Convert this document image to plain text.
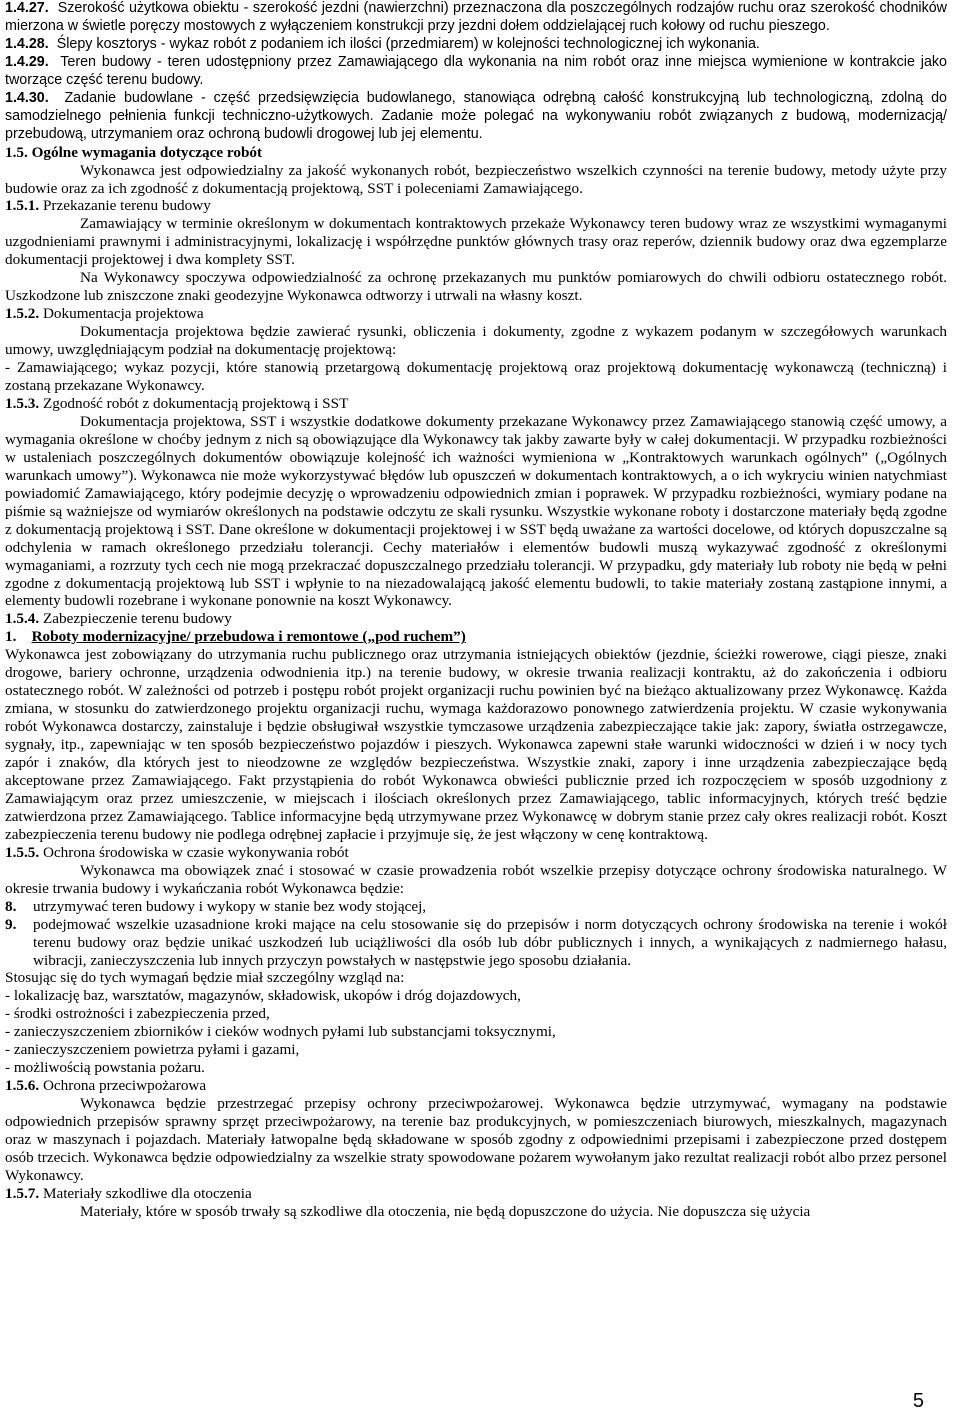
1.4.27. Szerokość użytkowa obiektu - szerokość jezdni (nawierzchni) przeznaczona dla poszczególnych rodzajów ruchu oraz szerokość chodników mierzona w świetle poręczy mostowych z wyłączeniem konstrukcji przy jezdni dołem oddzielającej ruch kołowy od ruchu pieszego.

1.4.28. Ślepy kosztorys - wykaz robót z podaniem ich ilości (przedmiarem) w kolejności technologicznej ich wykonania.

1.4.29. Teren budowy - teren udostępniony przez Zamawiającego dla wykonania na nim robót oraz inne miejsca wymienione w kontrakcie jako tworzące część terenu budowy.

1.4.30. Zadanie budowlane - część przedsięwzięcia budowlanego, stanowiąca odrębną całość konstrukcyjną lub technologiczną, zdolną do samodzielnego pełnienia funkcji techniczno-użytkowych. Zadanie może polegać na wykonywaniu robót związanych z budową, modernizacją/ przebudową, utrzymaniem oraz ochroną budowli drogowej lub jej elementu.

1.5. Ogólne wymagania dotyczące robót

Wykonawca jest odpowiedzialny za jakość wykonanych robót, bezpieczeństwo wszelkich czynności na terenie budowy, metody użyte przy budowie oraz za ich zgodność z dokumentacją projektową, SST i poleceniami Zamawiającego.

1.5.1. Przekazanie terenu budowy

Zamawiający w terminie określonym w dokumentach kontraktowych przekaże Wykonawcy teren budowy wraz ze wszystkimi wymaganymi uzgodnieniami prawnymi i administracyjnymi, lokalizację i współrzędne punktów głównych trasy oraz reperów, dziennik budowy oraz dwa egzemplarze dokumentacji projektowej i dwa komplety SST.

Na Wykonawcy spoczywa odpowiedzialność za ochronę przekazanych mu punktów pomiarowych do chwili odbioru ostatecznego robót. Uszkodzone lub zniszczone znaki geodezyjne Wykonawca odtworzy i utrwali na własny koszt.

1.5.2. Dokumentacja projektowa

Dokumentacja projektowa będzie zawierać rysunki, obliczenia i dokumenty, zgodne z wykazem podanym w szczegółowych warunkach umowy, uwzględniającym podział na dokumentację projektową:

- Zamawiającego; wykaz pozycji, które stanowią przetargową dokumentację projektową oraz projektową dokumentację wykonawczą (techniczną) i zostaną przekazane Wykonawcy.

1.5.3. Zgodność robót z dokumentacją projektową i SST

Dokumentacja projektowa, SST i wszystkie dodatkowe dokumenty przekazane Wykonawcy przez Zamawiającego stanowią część umowy, a wymagania określone w choćby jednym z nich są obowiązujące dla Wykonawcy tak jakby zawarte były w całej dokumentacji. W przypadku rozbieżności w ustaleniach poszczególnych dokumentów obowiązuje kolejność ich ważności wymieniona w „Kontraktowych warunkach ogólnych” („Ogólnych warunkach umowy”). Wykonawca nie może wykorzystywać błędów lub opuszczeń w dokumentach kontraktowych, a o ich wykryciu winien natychmiast powiadomić Zamawiającego, który podejmie decyzję o wprowadzeniu odpowiednich zmian i poprawek. W przypadku rozbieżności, wymiary podane na piśmie są ważniejsze od wymiarów określonych na podstawie odczytu ze skali rysunku. Wszystkie wykonane roboty i dostarczone materiały będą zgodne z dokumentacją projektową i SST. Dane określone w dokumentacji projektowej i w SST będą uważane za wartości docelowe, od których dopuszczalne są odchylenia w ramach określonego przedziału tolerancji. Cechy materiałów i elementów budowli muszą wykazywać zgodność z określonymi wymaganiami, a rozrzuty tych cech nie mogą przekraczać dopuszczalnego przedziału tolerancji. W przypadku, gdy materiały lub roboty nie będą w pełni zgodne z dokumentacją projektową lub SST i wpłynie to na niezadowalającą jakość elementu budowli, to takie materiały zostaną zastąpione innymi, a elementy budowli rozebrane i wykonane ponownie na koszt Wykonawcy.

1.5.4. Zabezpieczenie terenu budowy

1. Roboty modernizacyjne/ przebudowa i remontowe („pod ruchem”)

Wykonawca jest zobowiązany do utrzymania ruchu publicznego oraz utrzymania istniejących obiektów (jezdnie, ścieżki rowerowe, ciągi piesze, znaki drogowe, bariery ochronne, urządzenia odwodnienia itp.) na terenie budowy, w okresie trwania realizacji kontraktu, aż do zakończenia i odbioru ostatecznego robót. W zależności od potrzeb i postępu robót projekt organizacji ruchu powinien być na bieżąco aktualizowany przez Wykonawcę. Każda zmiana, w stosunku do zatwierdzonego projektu organizacji ruchu, wymaga każdorazowo ponownego zatwierdzenia projektu. W czasie wykonywania robót Wykonawca dostarczy, zainstaluje i będzie obsługiwał wszystkie tymczasowe urządzenia zabezpieczające takie jak: zapory, światła ostrzegawcze, sygnały, itp., zapewniając w ten sposób bezpieczeństwo pojazdów i pieszych. Wykonawca zapewni stałe warunki widoczności w dzień i w nocy tych zapór i znaków, dla których jest to nieodzowne ze względów bezpieczeństwa. Wszystkie znaki, zapory i inne urządzenia zabezpieczające będą akceptowane przez Zamawiającego. Fakt przystąpienia do robót Wykonawca obwieści publicznie przed ich rozpoczęciem w sposób uzgodniony z Zamawiającym oraz przez umieszczenie, w miejscach i ilościach określonych przez Zamawiającego, tablic informacyjnych, których treść będzie zatwierdzona przez Zamawiającego. Tablice informacyjne będą utrzymywane przez Wykonawcę w dobrym stanie przez cały okres realizacji robót. Koszt zabezpieczenia terenu budowy nie podlega odrębnej zapłacie i przyjmuje się, że jest włączony w cenę kontraktową.

1.5.5. Ochrona środowiska w czasie wykonywania robót

Wykonawca ma obowiązek znać i stosować w czasie prowadzenia robót wszelkie przepisy dotyczące ochrony środowiska naturalnego. W okresie trwania budowy i wykańczania robót Wykonawca będzie:

8.	utrzymywać teren budowy i wykopy w stanie bez wody stojącej,
9.	podejmować wszelkie uzasadnione kroki mające na celu stosowanie się do przepisów i norm dotyczących ochrony środowiska na terenie i wokół terenu budowy oraz będzie unikać uszkodzeń lub uciążliwości dla osób lub dóbr publicznych i innych, a wynikających z nadmiernego hałasu, wibracji, zanieczyszczenia lub innych przyczyn powstałych w następstwie jego sposobu działania.

Stosując się do tych wymagań będzie miał szczególny wzgląd na:

- lokalizację baz, warsztatów, magazynów, składowisk, ukopów i dróg dojazdowych,

- środki ostrożności i zabezpieczenia przed,

- zanieczyszczeniem zbiorników i cieków wodnych pyłami lub substancjami toksycznymi,

- zanieczyszczeniem powietrza pyłami i gazami,

- możliwością powstania pożaru.

1.5.6. Ochrona przeciwpożarowa

Wykonawca będzie przestrzegać przepisy ochrony przeciwpożarowej. Wykonawca będzie utrzymywać, wymagany na podstawie odpowiednich przepisów sprawny sprzęt przeciwpożarowy, na terenie baz produkcyjnych, w pomieszczeniach biurowych, mieszkalnych, magazynach oraz w maszynach i pojazdach. Materiały łatwopalne będą składowane w sposób zgodny z odpowiednimi przepisami i zabezpieczone przed dostępem osób trzecich. Wykonawca będzie odpowiedzialny za wszelkie straty spowodowane pożarem wywołanym jako rezultat realizacji robót albo przez personel Wykonawcy.

1.5.7. Materiały szkodliwe dla otoczenia

Materiały, które w sposób trwały są szkodliwe dla otoczenia, nie będą dopuszczone do użycia. Nie dopuszcza się użycia

5
